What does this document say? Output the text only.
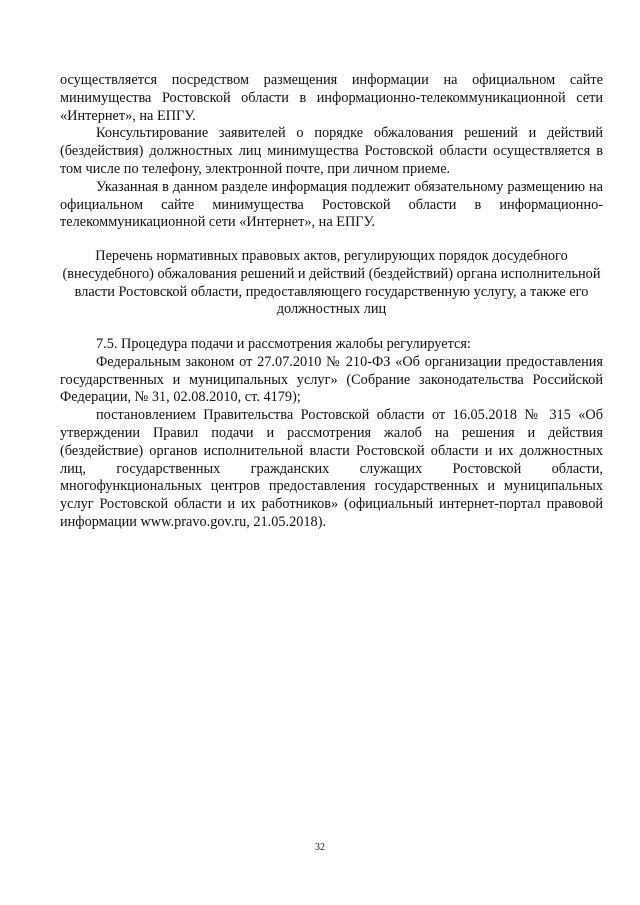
осуществляется посредством размещения информации на официальном сайте минимущества Ростовской области в информационно-телекоммуникационной сети «Интернет», на ЕПГУ.

Консультирование заявителей о порядке обжалования решений и действий (бездействия) должностных лиц минимущества Ростовской области осуществляется в том числе по телефону, электронной почте, при личном приеме.

Указанная в данном разделе информация подлежит обязательному размещению на официальном сайте минимущества Ростовской области в информационно-телекоммуникационной сети «Интернет», на ЕПГУ.

Перечень нормативных правовых актов, регулирующих порядок досудебного (внесудебного) обжалования решений и действий (бездействий) органа исполнительной власти Ростовской области, предоставляющего государственную услугу, а также его должностных лиц

7.5. Процедура подачи и рассмотрения жалобы регулируется:

Федеральным законом от 27.07.2010 № 210-ФЗ «Об организации предоставления государственных и муниципальных услуг» (Собрание законодательства Российской Федерации, № 31, 02.08.2010, ст. 4179);

постановлением Правительства Ростовской области от 16.05.2018 № 315 «Об утверждении Правил подачи и рассмотрения жалоб на решения и действия (бездействие) органов исполнительной власти Ростовской области и их должностных лиц, государственных гражданских служащих Ростовской области, многофункциональных центров предоставления государственных и муниципальных услуг Ростовской области и их работников» (официальный интернет-портал правовой информации www.pravo.gov.ru, 21.05.2018).

32
